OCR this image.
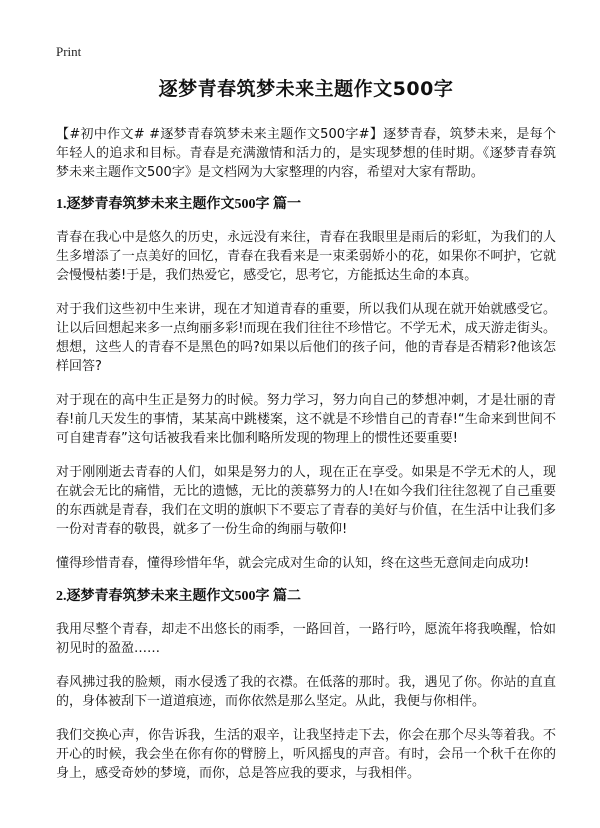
Print
逐梦青春筑梦未来主题作文500字

【#初中作文# #逐梦青春筑梦未来主题作文500字#】逐梦青春，筑梦未来，是每个年轻人的追求和目标。青春是充满激情和活力的，是实现梦想的佳时期。《逐梦青春筑梦未来主题作文500字》是文档网为大家整理的内容，希望对大家有帮助。

1.逐梦青春筑梦未来主题作文500字 篇一

青春在我心中是悠久的历史，永远没有来往，青春在我眼里是雨后的彩虹，为我们的人生多增添了一点美好的回忆，青春在我看来是一束柔弱娇小的花，如果你不呵护，它就会慢慢枯萎!于是，我们热爱它，感受它，思考它，方能抵达生命的本真。

对于我们这些初中生来讲，现在才知道青春的重要，所以我们从现在就开始就感受它。让以后回想起来多一点绚丽多彩!而现在我们往往不珍惜它。不学无术，成天游走街头。想想，这些人的青春不是黑色的吗?如果以后他们的孩子问，他的青春是否精彩?他该怎样回答?

对于现在的高中生正是努力的时候。努力学习，努力向自己的梦想冲刺，才是壮丽的青春!前几天发生的事情，某某高中跳楼案，这不就是不珍惜自己的青春!“生命来到世间不可自建青春”这句话被我看来比伽利略所发现的物理上的惯性还要重要!

对于刚刚逝去青春的人们，如果是努力的人，现在正在享受。如果是不学无术的人，现在就会无比的痛惜，无比的遗憾，无比的羡慕努力的人!在如今我们往往忽视了自己重要的东西就是青春，我们在文明的旗帜下不要忘了青春的美好与价值，在生活中让我们多一份对青春的敬畏，就多了一份生命的绚丽与敬仰!

懂得珍惜青春，懂得珍惜年华，就会完成对生命的认知，终在这些无意间走向成功!

2.逐梦青春筑梦未来主题作文500字 篇二

我用尽整个青春，却走不出悠长的雨季，一路回首，一路行吟，愿流年将我唤醒，恰如初见时的盈盈……

春风拂过我的脸颊，雨水侵透了我的衣襟。在低落的那时。我，遇见了你。你站的直直的，身体被刮下一道道痕迹，而你依然是那么坚定。从此，我便与你相伴。

我们交换心声，你告诉我，生活的艰辛，让我坚持走下去，你会在那个尽头等着我。不开心的时候，我会坐在你有你的臂膀上，听风摇曳的声音。有时，会吊一个秋千在你的身上，感受奇妙的梦境，而你，总是答应我的要求，与我相伴。
